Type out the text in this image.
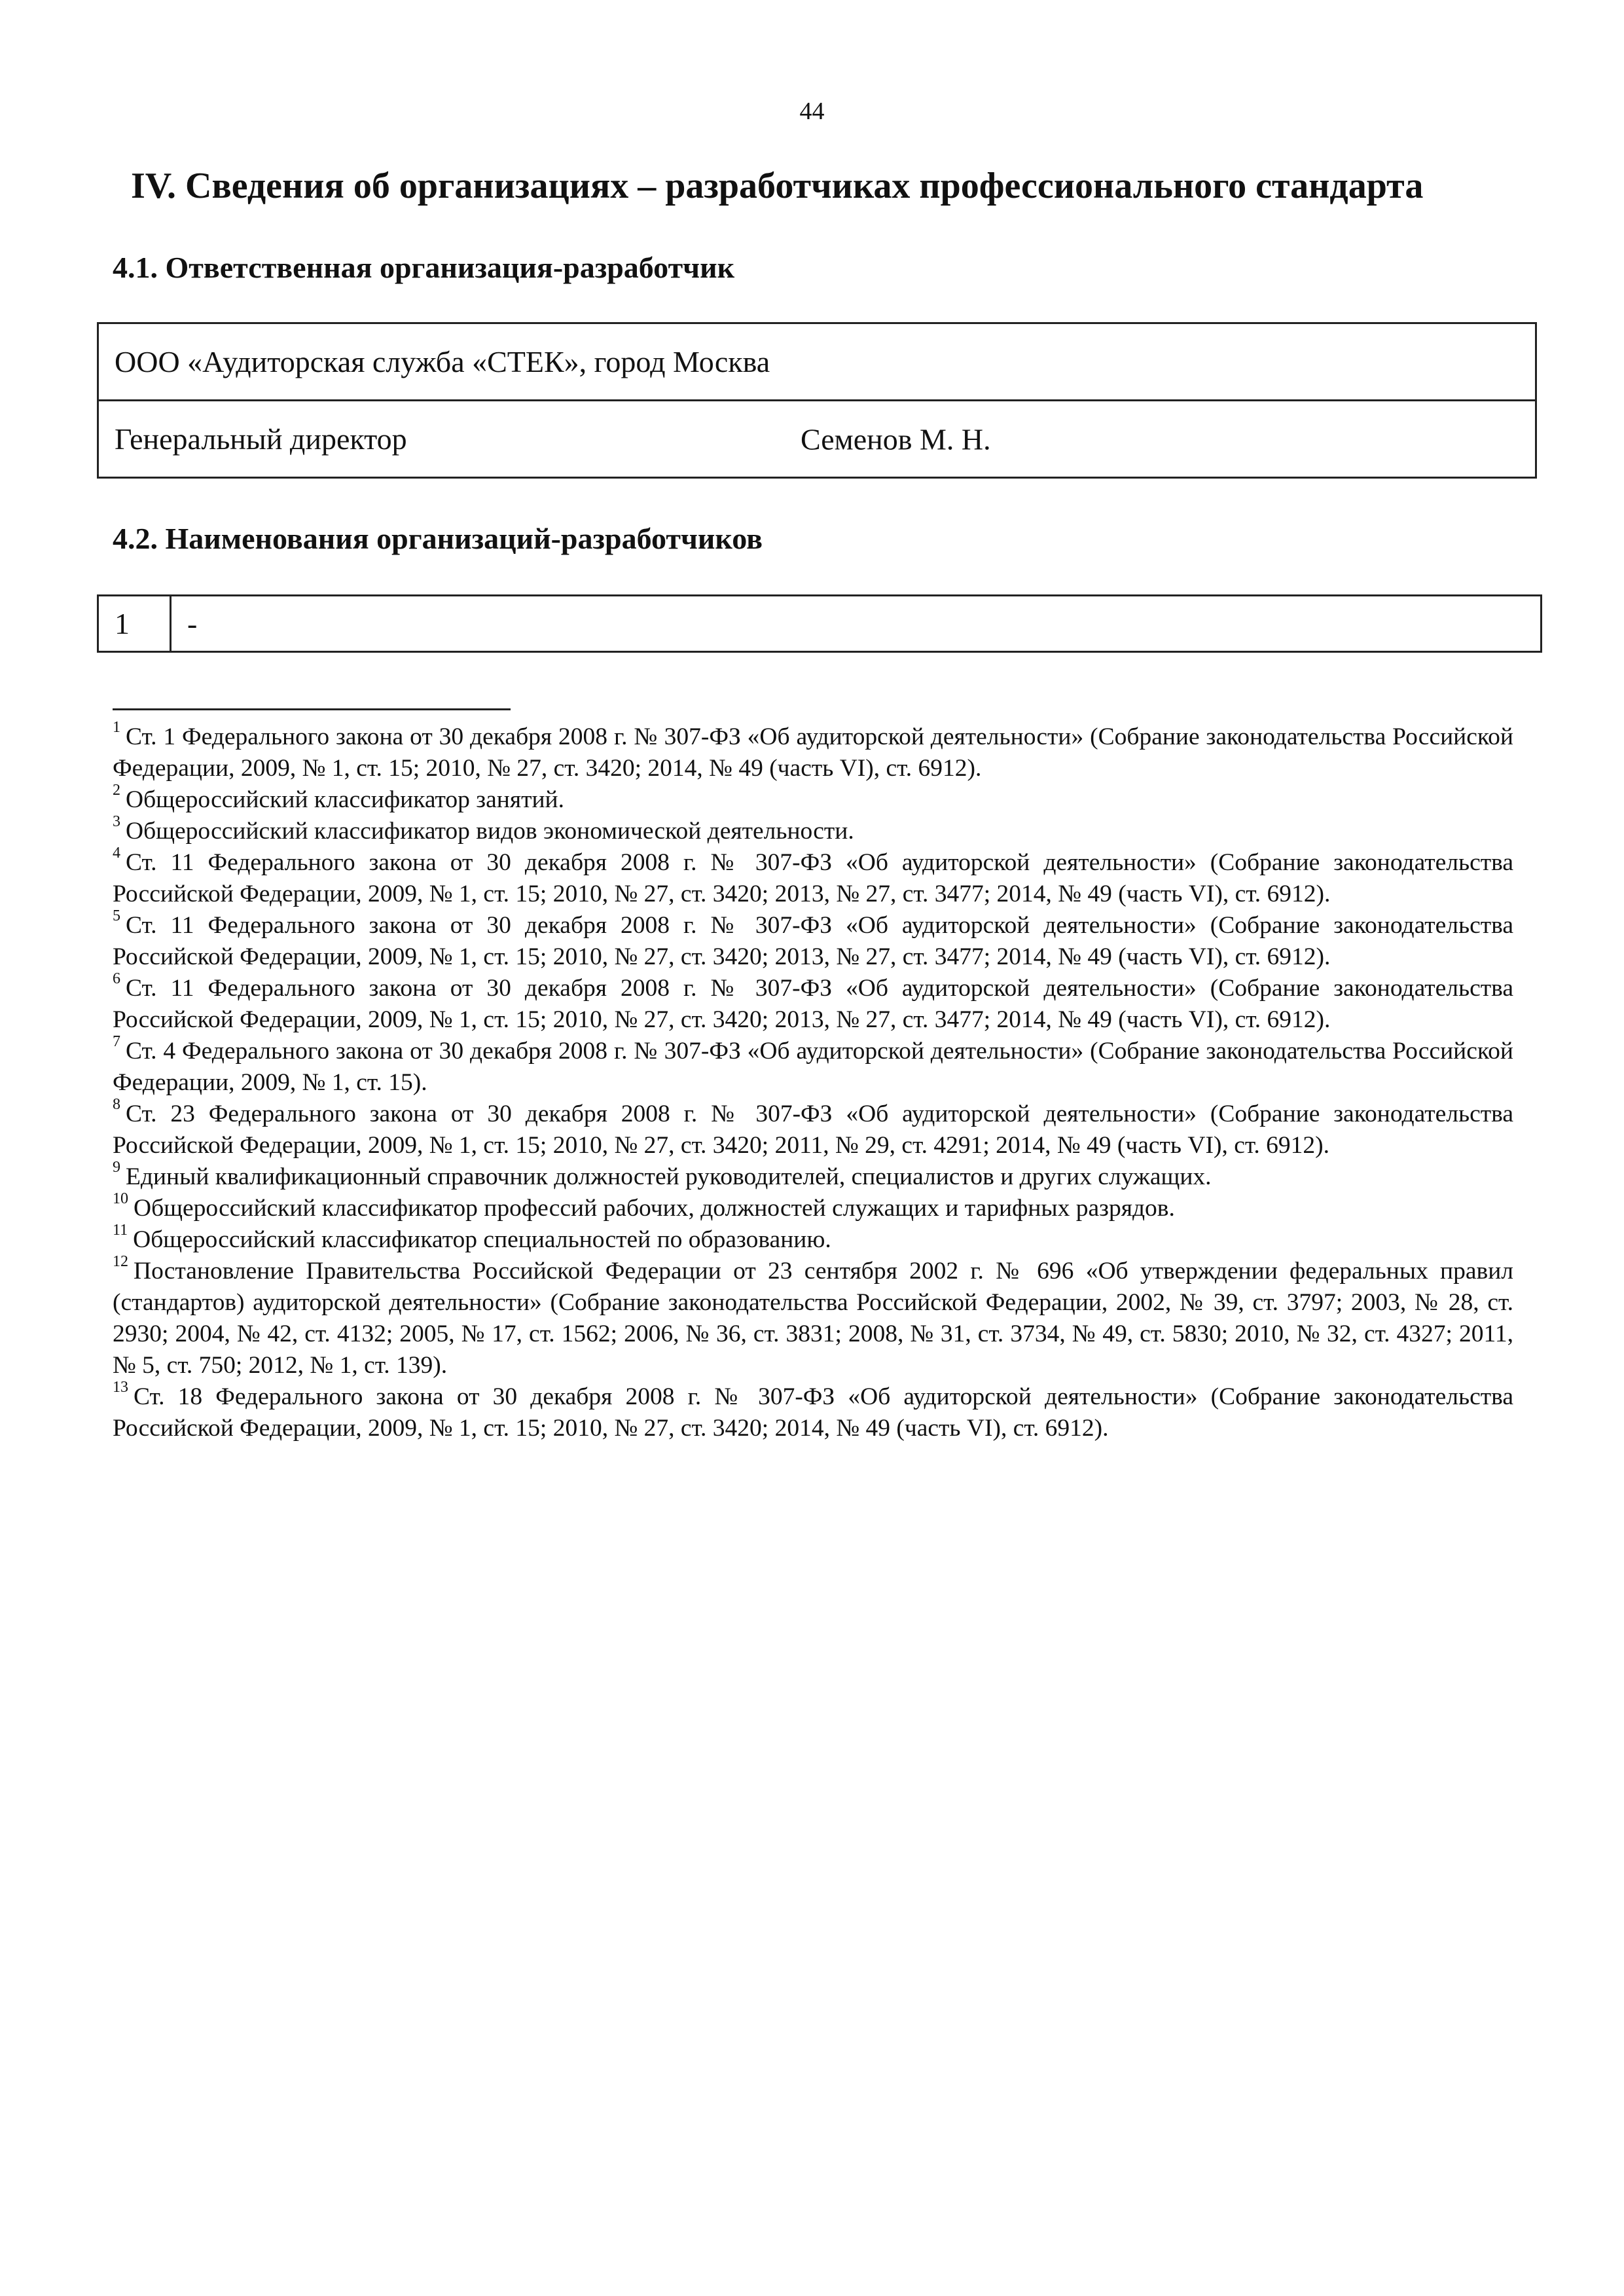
44
IV. Сведения об организациях – разработчиках профессионального стандарта
4.1. Ответственная организация-разработчик
ООО «Аудиторская служба «СТЕК», город Москва
Генеральный директор	Семенов М. Н.
4.2. Наименования организаций-разработчиков
1	-

$^1$ Ст. 1 Федерального закона от 30 декабря 2008 г. № 307-ФЗ «Об аудиторской деятельности» (Собрание законодательства Российской Федерации, 2009, № 1, ст. 15; 2010, № 27, ст. 3420; 2014, № 49 (часть VI), ст. 6912).

$^2$ Общероссийский классификатор занятий.

$^3$ Общероссийский классификатор видов экономической деятельности.

$^4$ Ст. 11 Федерального закона от 30 декабря 2008 г. № 307-ФЗ «Об аудиторской деятельности» (Собрание законодательства Российской Федерации, 2009, № 1, ст. 15; 2010, № 27, ст. 3420; 2013, № 27, ст. 3477; 2014, № 49 (часть VI), ст. 6912).

$^5$ Ст. 11 Федерального закона от 30 декабря 2008 г. № 307-ФЗ «Об аудиторской деятельности» (Собрание законодательства Российской Федерации, 2009, № 1, ст. 15; 2010, № 27, ст. 3420; 2013, № 27, ст. 3477; 2014, № 49 (часть VI), ст. 6912).

$^6$ Ст. 11 Федерального закона от 30 декабря 2008 г. № 307-ФЗ «Об аудиторской деятельности» (Собрание законодательства Российской Федерации, 2009, № 1, ст. 15; 2010, № 27, ст. 3420; 2013, № 27, ст. 3477; 2014, № 49 (часть VI), ст. 6912).

$^7$ Ст. 4 Федерального закона от 30 декабря 2008 г. № 307-ФЗ «Об аудиторской деятельности» (Собрание законодательства Российской Федерации, 2009, № 1, ст. 15).

$^8$ Ст. 23 Федерального закона от 30 декабря 2008 г. № 307-ФЗ «Об аудиторской деятельности» (Собрание законодательства Российской Федерации, 2009, № 1, ст. 15; 2010, № 27, ст. 3420; 2011, № 29, ст. 4291; 2014, № 49 (часть VI), ст. 6912).

$^9$ Единый квалификационный справочник должностей руководителей, специалистов и других служащих.

$^{10}$ Общероссийский классификатор профессий рабочих, должностей служащих и тарифных разрядов.

$^{11}$ Общероссийский классификатор специальностей по образованию.

$^{12}$ Постановление Правительства Российской Федерации от 23 сентября 2002 г. № 696 «Об утверждении федеральных правил (стандартов) аудиторской деятельности» (Собрание законодательства Российской Федерации, 2002, № 39, ст. 3797; 2003, № 28, ст. 2930; 2004, № 42, ст. 4132; 2005, № 17, ст. 1562; 2006, № 36, ст. 3831; 2008, № 31, ст. 3734, № 49, ст. 5830; 2010, № 32, ст. 4327; 2011, № 5, ст. 750; 2012, № 1, ст. 139).

$^{13}$ Ст. 18 Федерального закона от 30 декабря 2008 г. № 307-ФЗ «Об аудиторской деятельности» (Собрание законодательства Российской Федерации, 2009, № 1, ст. 15; 2010, № 27, ст. 3420; 2014, № 49 (часть VI), ст. 6912).
